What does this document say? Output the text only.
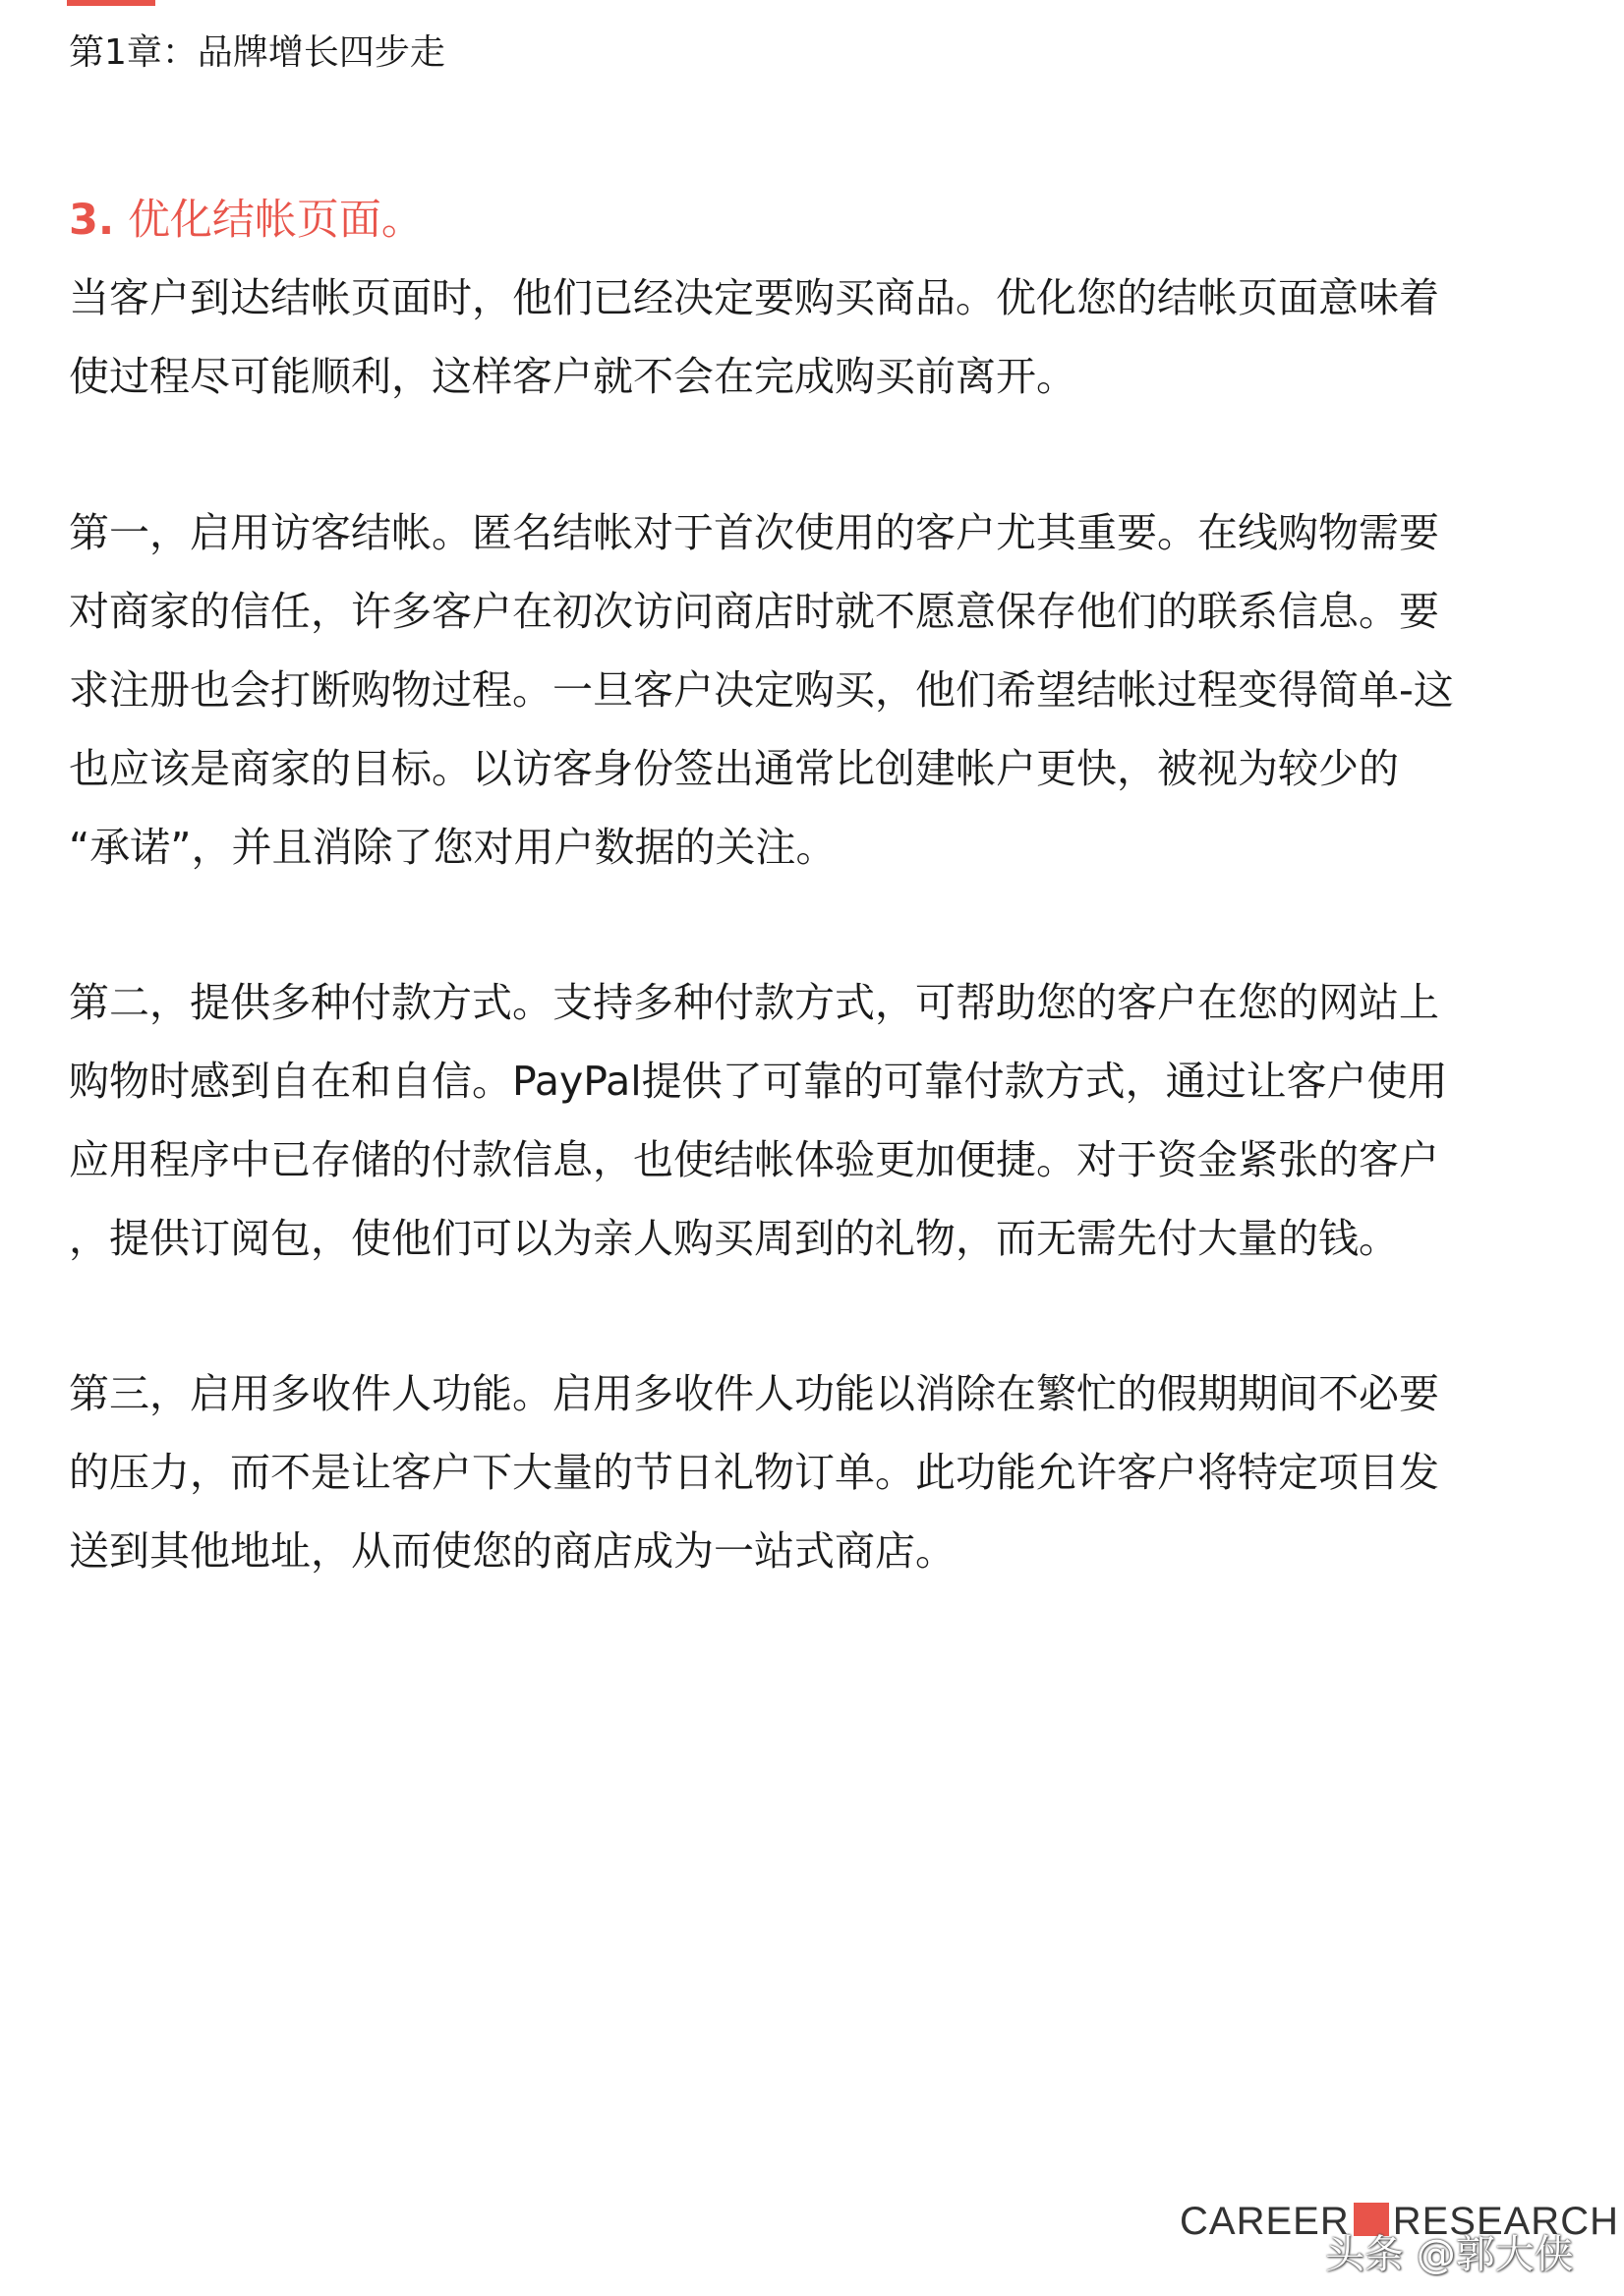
第1章：品牌增长四步走
3. 优化结帐页面。
当客户到达结帐页面时，他们已经决定要购买商品。优化您的结帐页面意味着
使过程尽可能顺利，这样客户就不会在完成购买前离开。
第一，启用访客结帐。匿名结帐对于首次使用的客户尤其重要。在线购物需要
对商家的信任，许多客户在初次访问商店时就不愿意保存他们的联系信息。要
求注册也会打断购物过程。一旦客户决定购买，他们希望结帐过程变得简单-这
也应该是商家的目标。以访客身份签出通常比创建帐户更快，被视为较少的
“承诺”，并且消除了您对用户数据的关注。
第二，提供多种付款方式。支持多种付款方式，可帮助您的客户在您的网站上
购物时感到自在和自信。PayPal提供了可靠的可靠付款方式，通过让客户使用
应用程序中已存储的付款信息，也使结帐体验更加便捷。对于资金紧张的客户
，提供订阅包，使他们可以为亲人购买周到的礼物，而无需先付大量的钱。
第三，启用多收件人功能。启用多收件人功能以消除在繁忙的假期期间不必要
的压力，而不是让客户下大量的节日礼物订单。此功能允许客户将特定项目发
送到其他地址，从而使您的商店成为一站式商店。
CAREER RESEARCH
头条 @郭大侠
